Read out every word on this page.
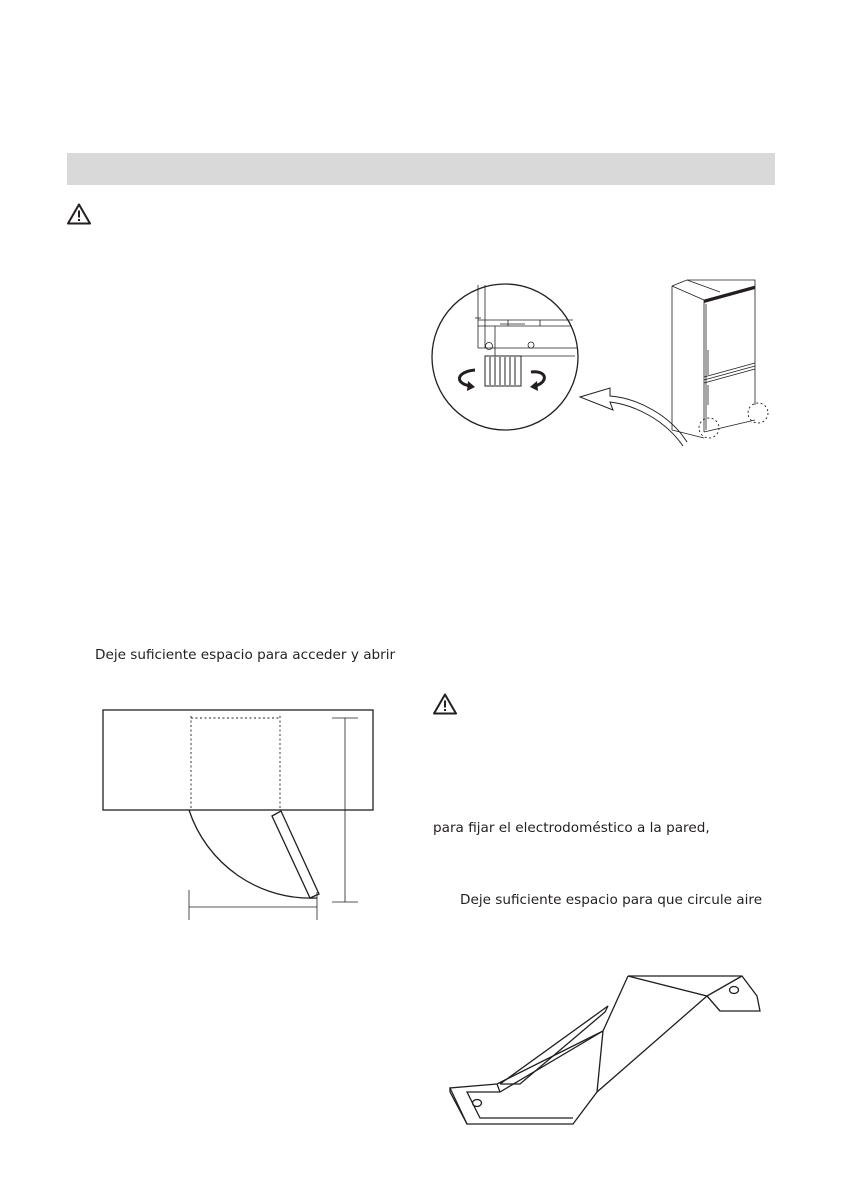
Deje suficiente espacio para acceder y abrir
para fijar el electrodoméstico a la pared,
Deje suficiente espacio para que circule aire
